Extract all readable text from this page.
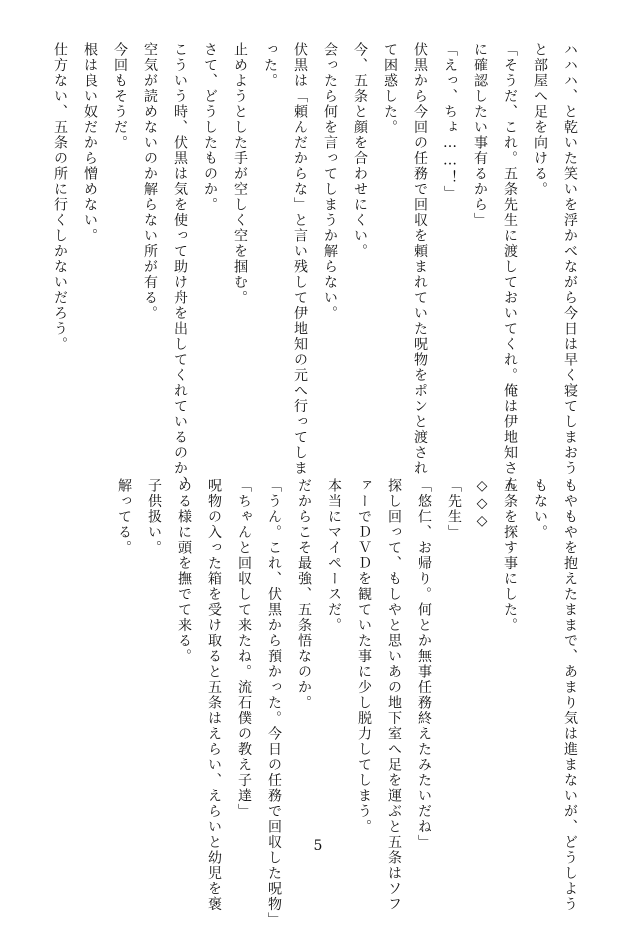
ハハハ、と乾いた笑いを浮かべながら今日は早く寝てしまおう
と部屋へ足を向ける。
「そうだ、これ。五条先生に渡しておいてくれ。俺は伊地知さん
に確認したい事有るから」
「えっ、ちょ……！」
伏黒から今回の任務で回収を頼まれていた呪物をポンと渡され
て困惑した。
今、五条と顔を合わせにくい。
会ったら何を言ってしまうか解らない。
伏黒は「頼んだからな」と言い残して伊地知の元へ行ってしま
った。
止めようとした手が空しく空を掴む。
さて、どうしたものか。
こういう時、伏黒は気を使って助け舟を出してくれているのか、
空気が読めないのか解らない所が有る。
今回もそうだ。
根は良い奴だから憎めない。
仕方ない、五条の所に行くしかないだろう。
もやもやを抱えたままで、あまり気は進まないが、どうしよう
もない。
五条を探す事にした。
◇◇◇
「先生」
「悠仁、お帰り。何とか無事任務終えたみたいだね」
探し回って、もしやと思いあの地下室へ足を運ぶと五条はソフ
ァーでＤＶＤを観ていた事に少し脱力してしまう。
本当にマイペースだ。
だからこそ最強、五条悟なのか。
「うん。これ、伏黒から預かった。今日の任務で回収した呪物」
「ちゃんと回収して来たね。流石僕の教え子達」
呪物の入った箱を受け取ると五条はえらい、えらいと幼児を褒
める様に頭を撫でて来る。
子供扱い。
解ってる。
5
